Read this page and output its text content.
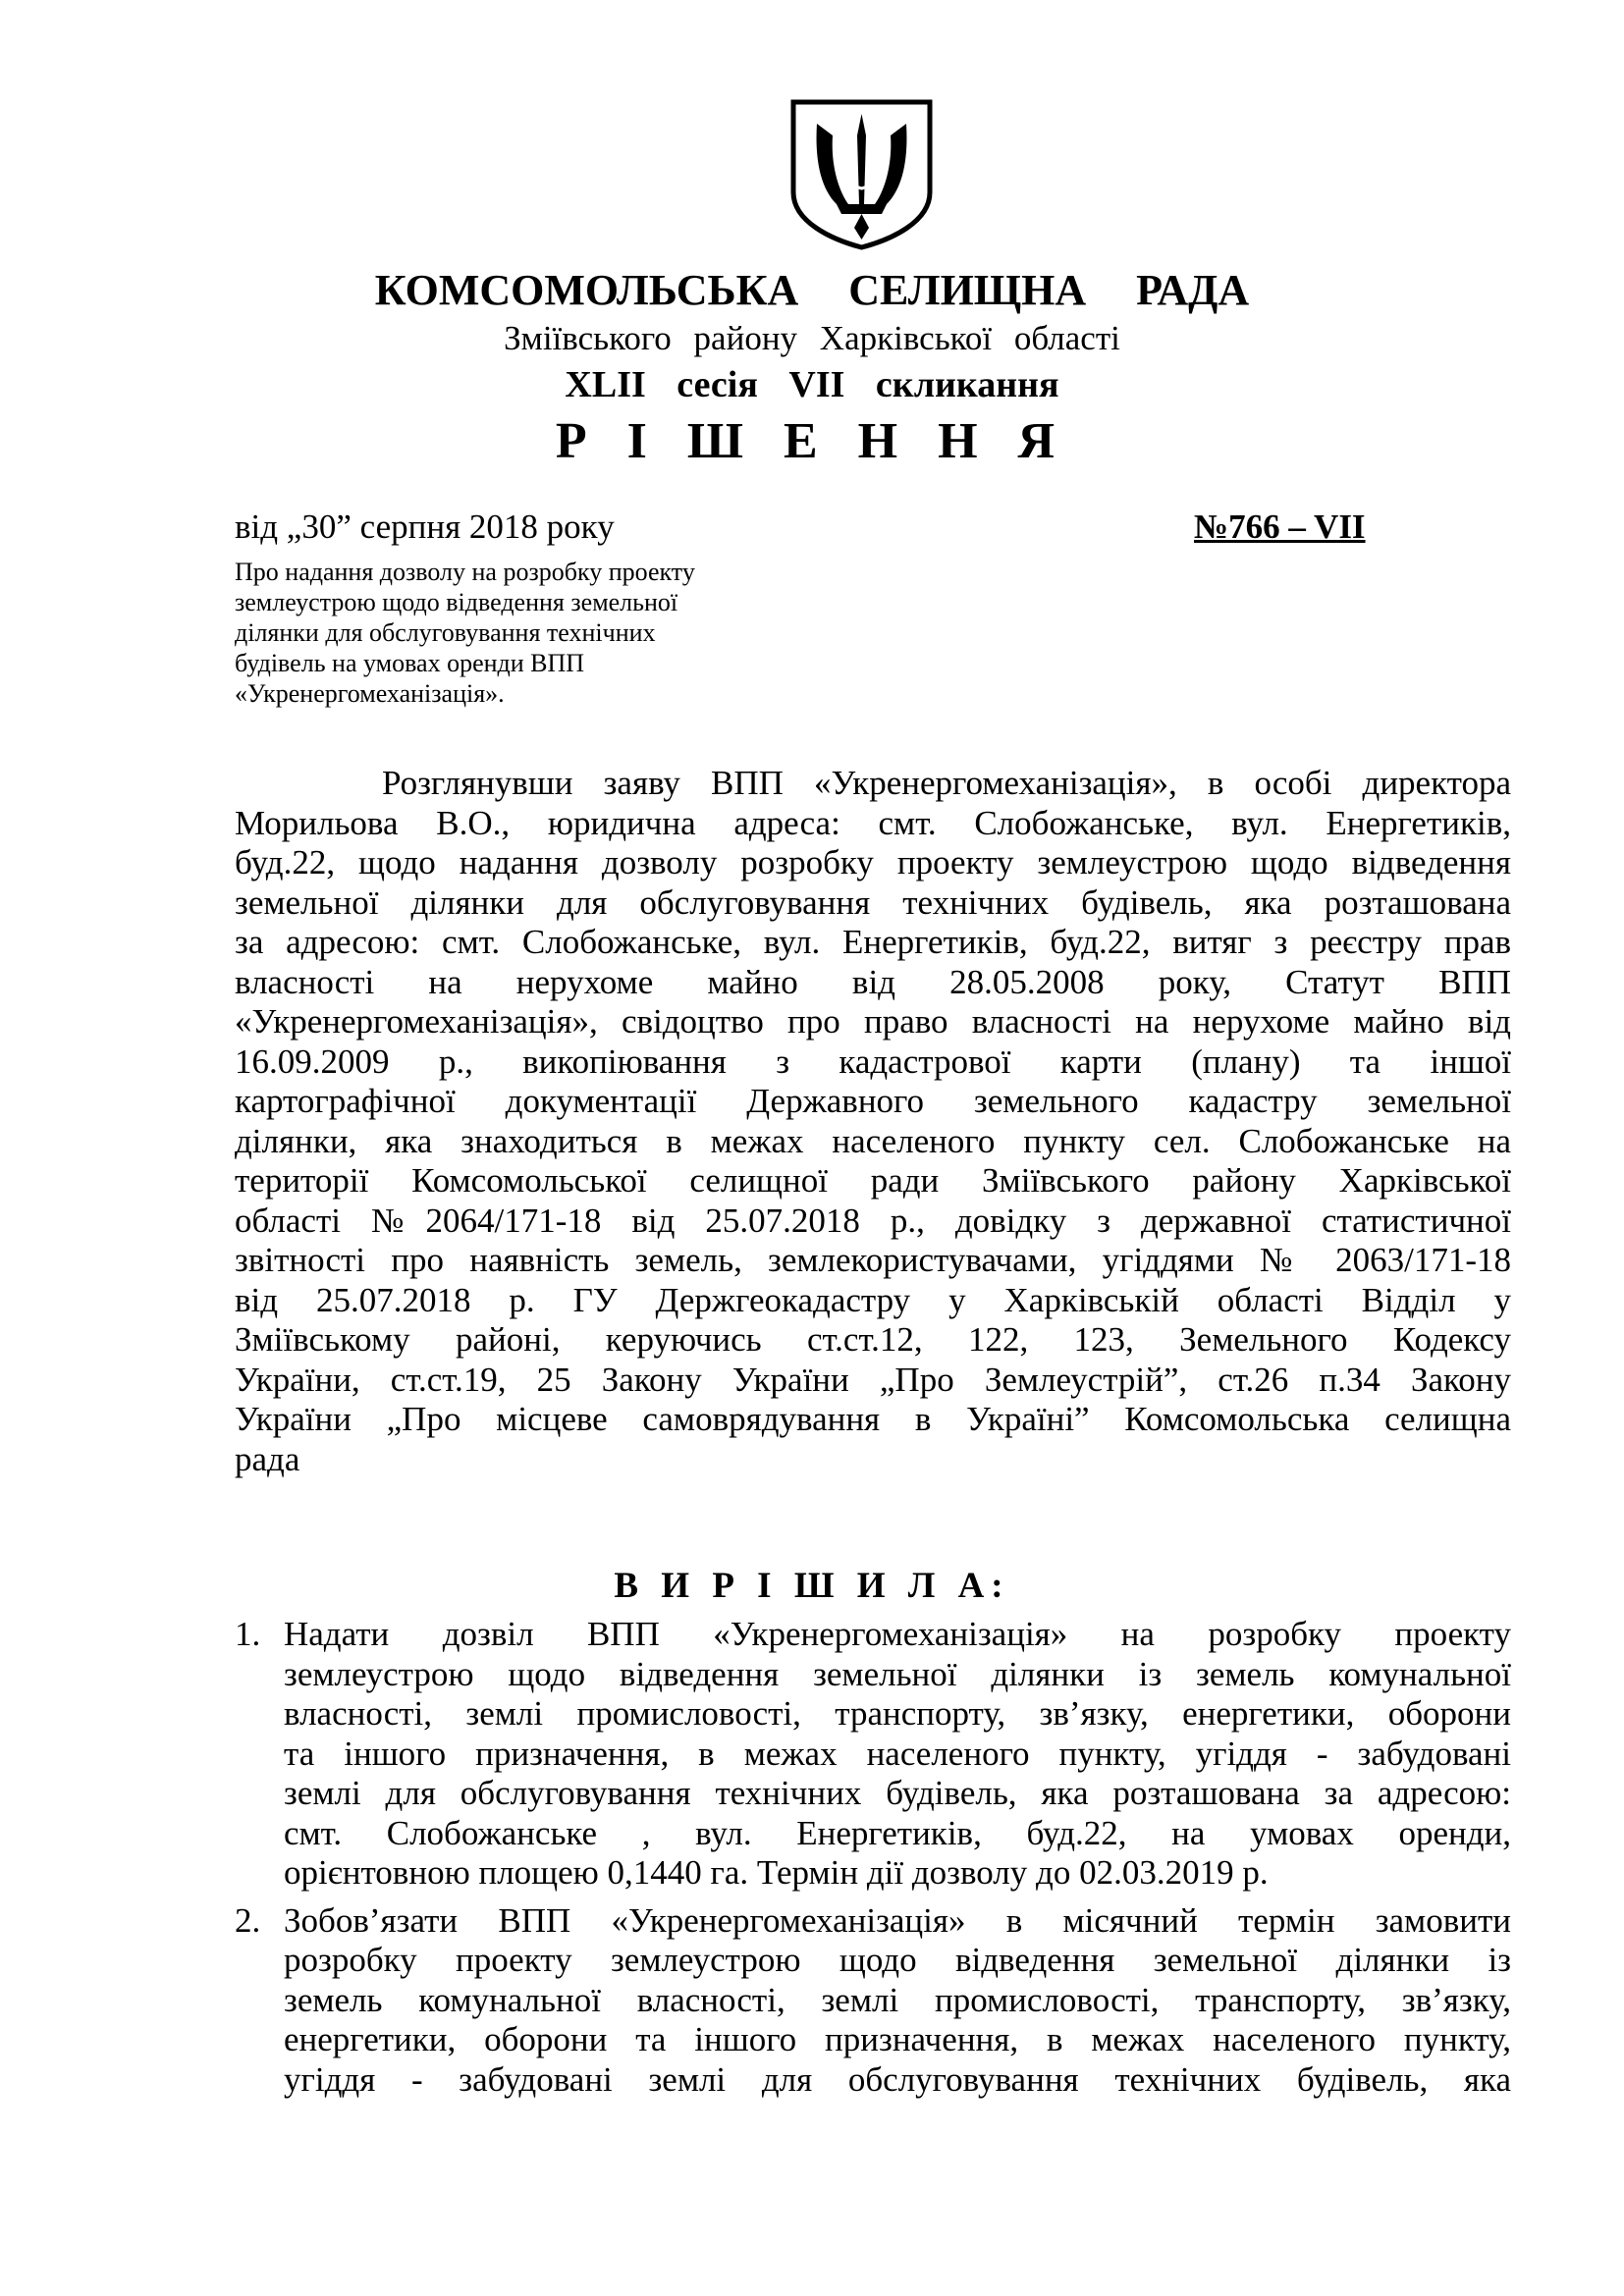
КОМСОМОЛЬСЬКА СЕЛИЩНА РАДА
Зміївського району Харківської області
XLII сесія VII скликання
Р І Ш Е Н Н Я
від „30” серпня 2018 року	№766 – VII
Про надання дозволу на розробку проекту
землеустрою щодо відведення земельної
ділянки для обслуговування технічних
будівель на умовах оренди ВПП
«Укренергомеханізація».
Розглянувши заяву ВПП «Укренергомеханізація», в особі директора
Морильова В.О., юридична адреса: смт. Слобожанське, вул. Енергетиків,
буд.22, щодо надання дозволу розробку проекту землеустрою щодо відведення
земельної ділянки для обслуговування технічних будівель, яка розташована
за адресою: смт. Слобожанське, вул. Енергетиків, буд.22, витяг з реєстру прав
власності на нерухоме майно від 28.05.2008 року, Статут ВПП
«Укренергомеханізація», свідоцтво про право власності на нерухоме майно від
16.09.2009 р., викопіювання з кадастрової карти (плану) та іншої
картографічної документації Державного земельного кадастру земельної
ділянки, яка знаходиться в межах населеного пункту сел. Слобожанське на
території Комсомольської селищної ради Зміївського району Харківської
області №2064/171-18 від 25.07.2018 р., довідку з державної статистичної
звітності про наявність земель, землекористувачами, угіддями № 2063/171-18
від 25.07.2018 р. ГУ Держгеокадастру у Харківській області Відділ у
Зміївському районі, керуючись ст.ст.12, 122, 123, Земельного Кодексу
України, ст.ст.19, 25 Закону України „Про Землеустрій”, ст.26 п.34 Закону
України „Про місцеве самоврядування в Україні” Комсомольська селищна
рада
В И Р І Ш И Л А:
1. Надати дозвіл ВПП «Укренергомеханізація» на розробку проекту
землеустрою щодо відведення земельної ділянки із земель комунальної
власності, землі промисловості, транспорту, зв’язку, енергетики, оборони
та іншого призначення, в межах населеного пункту, угіддя - забудовані
землі для обслуговування технічних будівель, яка розташована за адресою:
смт. Слобожанське , вул. Енергетиків, буд.22, на умовах оренди,
орієнтовною площею 0,1440 га. Термін дії дозволу до 02.03.2019 р.
2. Зобов’язати ВПП «Укренергомеханізація» в місячний термін замовити
розробку проекту землеустрою щодо відведення земельної ділянки із
земель комунальної власності, землі промисловості, транспорту, зв’язку,
енергетики, оборони та іншого призначення, в межах населеного пункту,
угіддя - забудовані землі для обслуговування технічних будівель, яка
